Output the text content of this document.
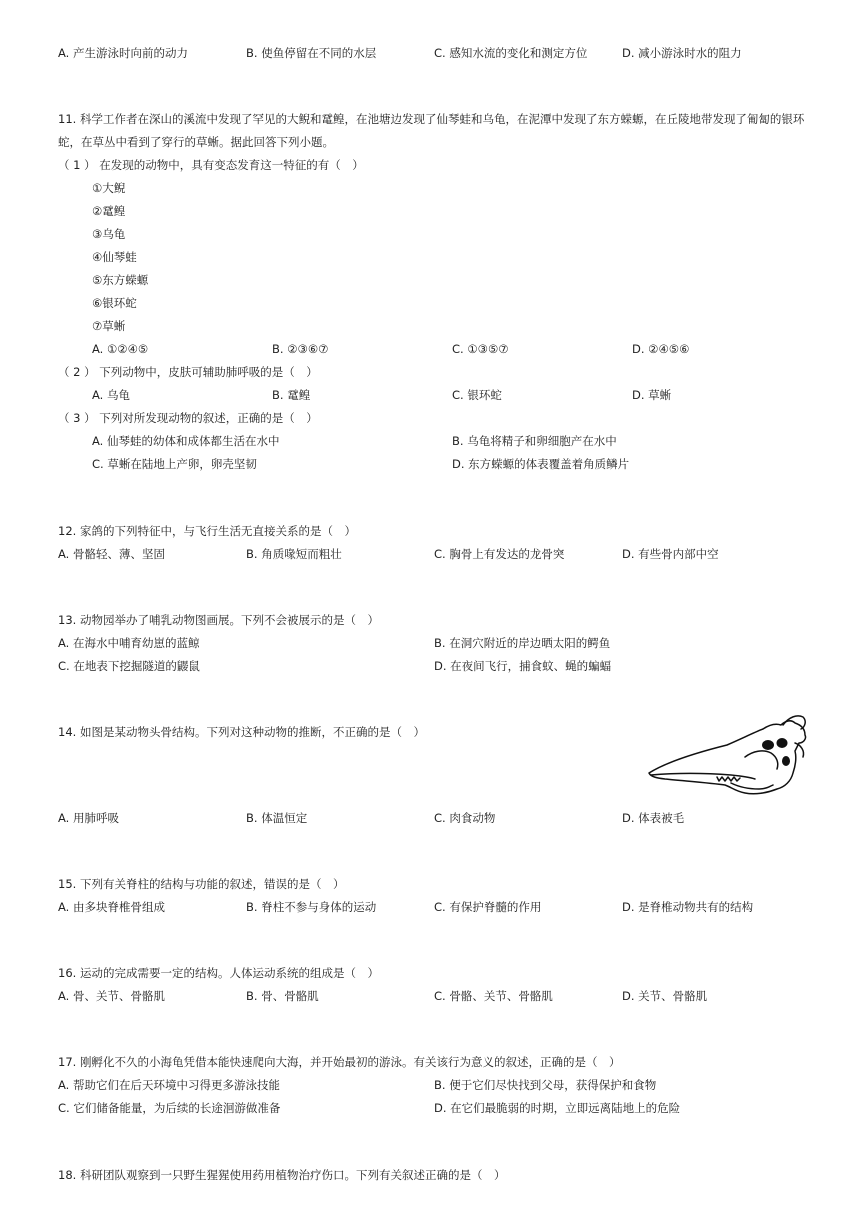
A. 产生游泳时向前的动力	B. 使鱼停留在不同的水层	C. 感知水流的变化和测定方位	D. 减小游泳时水的阻力
11. 科学工作者在深山的溪流中发现了罕见的大鲵和鼋鳇，在池塘边发现了仙琴蛙和乌龟，在泥潭中发现了东方蝾螈，在丘陵地带发现了匍匐的银环蛇，在草丛中看到了穿行的草蜥。据此回答下列小题。
（ 1 ） 在发现的动物中，具有变态发育这一特征的有（　）
①大鲵
②鼋鳇
③乌龟
④仙琴蛙
⑤东方蝾螈
⑥银环蛇
⑦草蜥
A. ①②④⑤	B. ②③⑥⑦	C. ①③⑤⑦	D. ②④⑤⑥
（ 2 ） 下列动物中，皮肤可辅助肺呼吸的是（　）
A. 乌龟	B. 鼋鳇	C. 银环蛇	D. 草蜥
（ 3 ） 下列对所发现动物的叙述，正确的是（　）
A. 仙琴蛙的幼体和成体都生活在水中	B. 乌龟将精子和卵细胞产在水中
C. 草蜥在陆地上产卵，卵壳坚韧	D. 东方蝾螈的体表覆盖着角质鳞片
12. 家鸽的下列特征中，与飞行生活无直接关系的是（　）
A. 骨骼轻、薄、坚固	B. 角质喙短而粗壮	C. 胸骨上有发达的龙骨突	D. 有些骨内部中空
13. 动物园举办了哺乳动物图画展。下列不会被展示的是（　）
A. 在海水中哺育幼崽的蓝鲸	B. 在洞穴附近的岸边晒太阳的鳄鱼
C. 在地表下挖掘隧道的鼹鼠	D. 在夜间飞行，捕食蚊、蝇的蝙蝠
14. 如图是某动物头骨结构。下列对这种动物的推断，不正确的是（　）
A. 用肺呼吸	B. 体温恒定	C. 肉食动物	D. 体表被毛
15. 下列有关脊柱的结构与功能的叙述，错误的是（　）
A. 由多块脊椎骨组成	B. 脊柱不参与身体的运动	C. 有保护脊髓的作用	D. 是脊椎动物共有的结构
16. 运动的完成需要一定的结构。人体运动系统的组成是（　）
A. 骨、关节、骨骼肌	B. 骨、骨骼肌	C. 骨骼、关节、骨骼肌	D. 关节、骨骼肌
17. 刚孵化不久的小海龟凭借本能快速爬向大海，并开始最初的游泳。有关该行为意义的叙述，正确的是（　）
A. 帮助它们在后天环境中习得更多游泳技能	B. 便于它们尽快找到父母，获得保护和食物
C. 它们储备能量，为后续的长途洄游做准备	D. 在它们最脆弱的时期，立即远离陆地上的危险
18. 科研团队观察到一只野生猩猩使用药用植物治疗伤口。下列有关叙述正确的是（　）
